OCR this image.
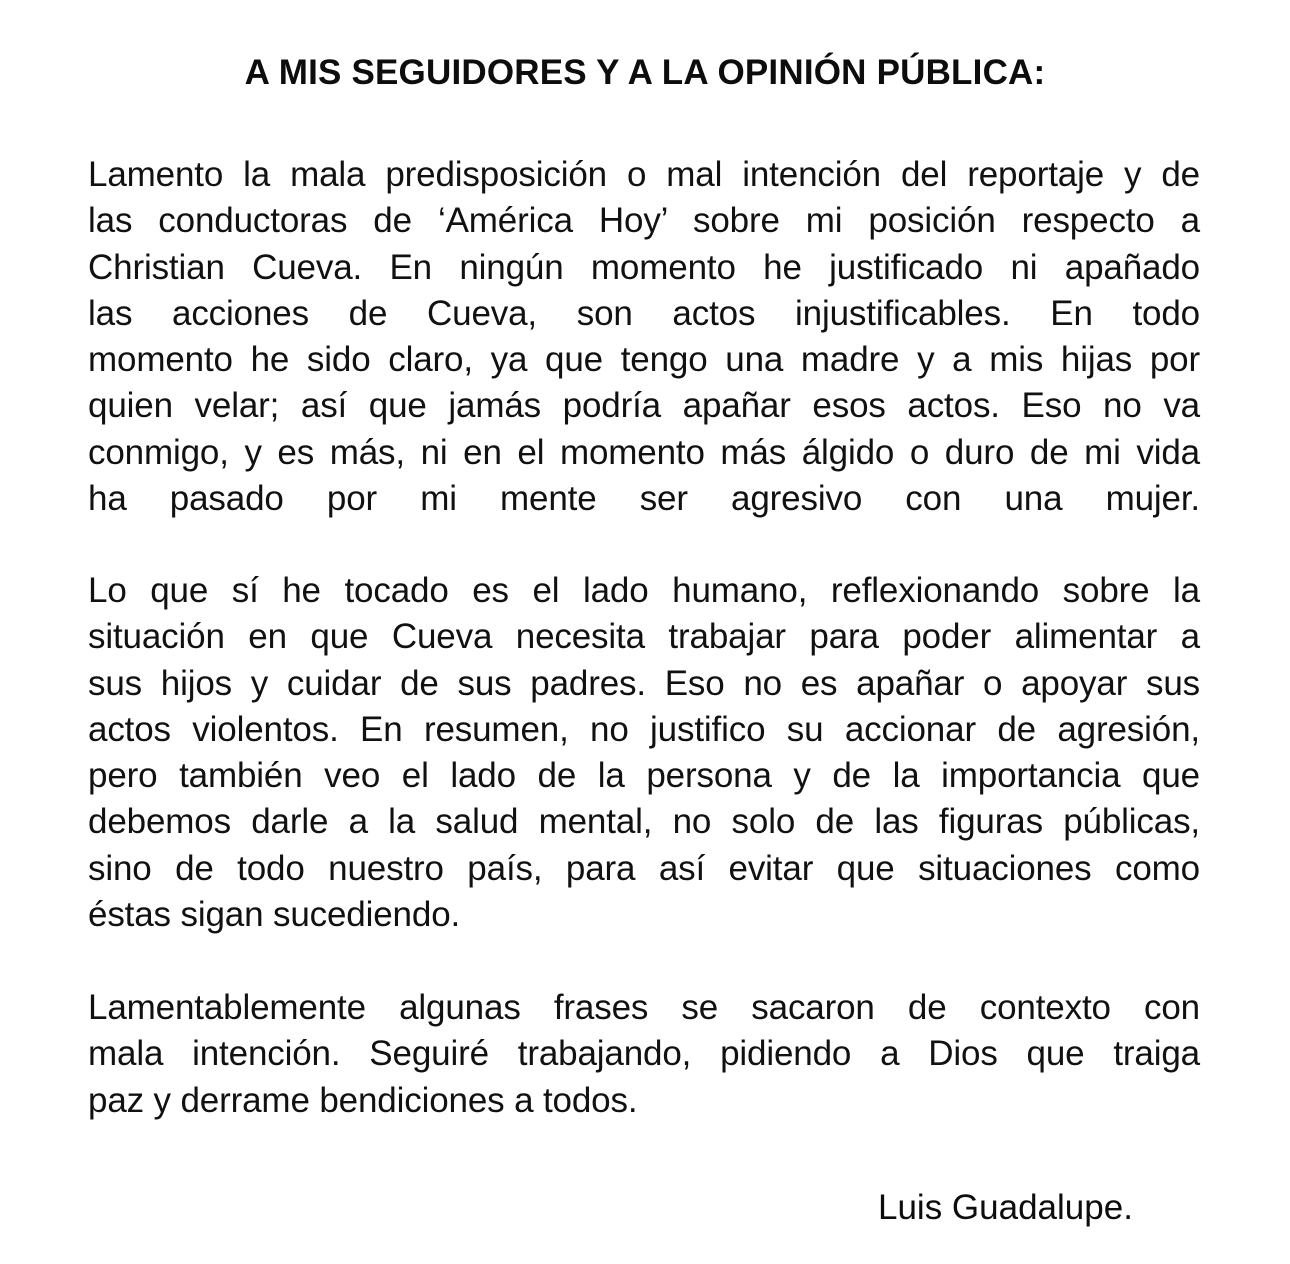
A MIS SEGUIDORES Y A LA OPINIÓN PÚBLICA:
Lamento la mala predisposición o mal intención del reportaje y de
las conductoras de ‘América Hoy’ sobre mi posición respecto a
Christian Cueva. En ningún momento he justificado ni apañado
las acciones de Cueva, son actos injustificables. En todo
momento he sido claro, ya que tengo una madre y a mis hijas por
quien velar; así que jamás podría apañar esos actos. Eso no va
conmigo, y es más, ni en el momento más álgido o duro de mi vida
ha pasado por mi mente ser agresivo con una mujer.
Lo que sí he tocado es el lado humano, reflexionando sobre la
situación en que Cueva necesita trabajar para poder alimentar a
sus hijos y cuidar de sus padres. Eso no es apañar o apoyar sus
actos violentos. En resumen, no justifico su accionar de agresión,
pero también veo el lado de la persona y de la importancia que
debemos darle a la salud mental, no solo de las figuras públicas,
sino de todo nuestro país, para así evitar que situaciones como
éstas sigan sucediendo.
Lamentablemente algunas frases se sacaron de contexto con
mala intención. Seguiré trabajando, pidiendo a Dios que traiga
paz y derrame bendiciones a todos.
Luis Guadalupe.
